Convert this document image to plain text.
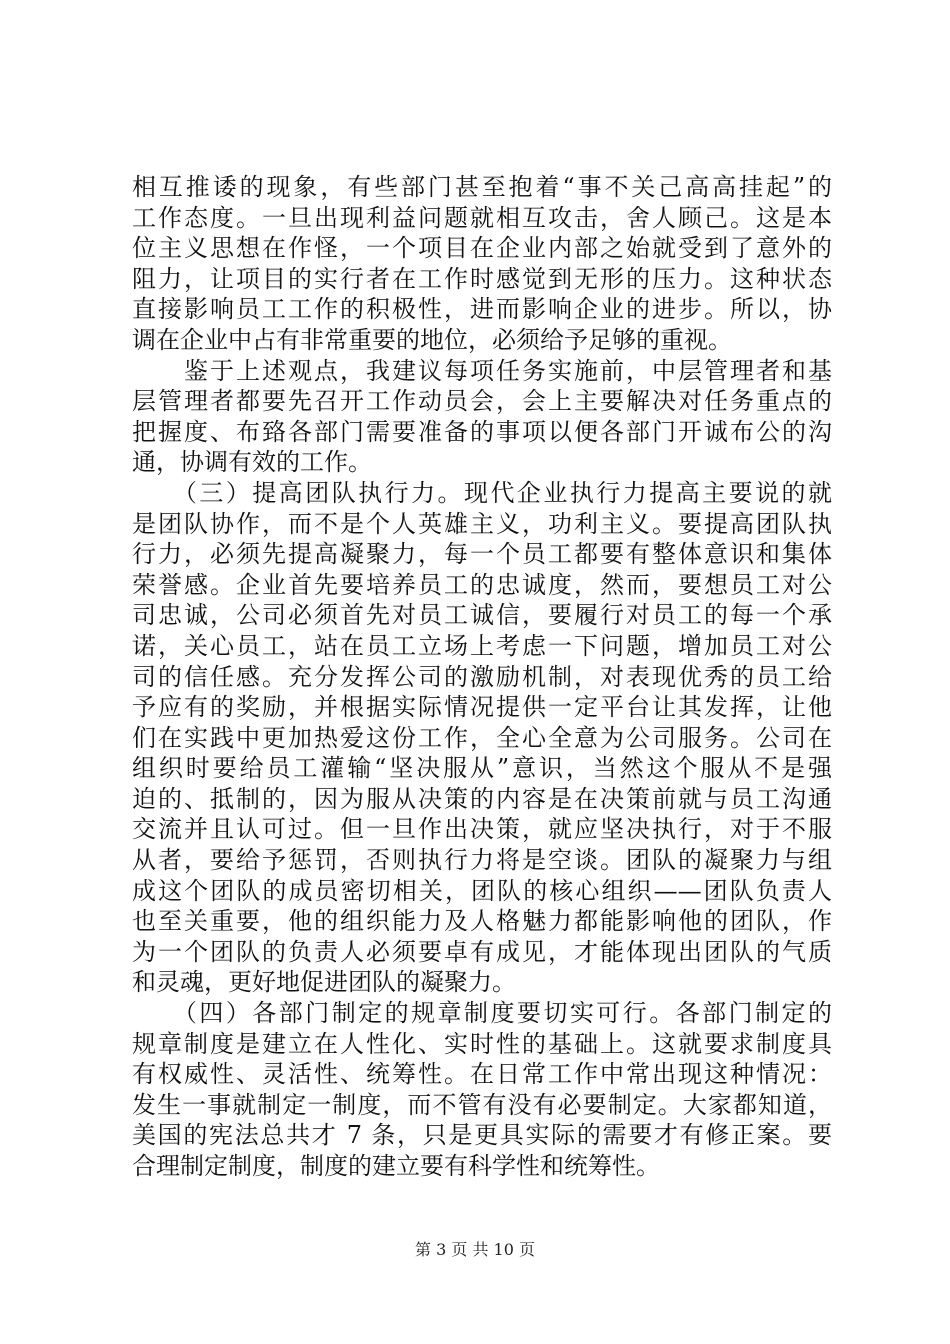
相互推诿的现象，有些部门甚至抱着“事不关己高高挂起”的
工作态度。一旦出现利益问题就相互攻击，舍人顾己。这是本
位主义思想在作怪，一个项目在企业内部之始就受到了意外的
阻力，让项目的实行者在工作时感觉到无形的压力。这种状态
直接影响员工工作的积极性，进而影响企业的进步。所以，协
调在企业中占有非常重要的地位，必须给予足够的重视。
　　鉴于上述观点，我建议每项任务实施前，中层管理者和基
层管理者都要先召开工作动员会，会上主要解决对任务重点的
把握度、布臵各部门需要准备的事项以便各部门开诚布公的沟
通，协调有效的工作。
　　（三）提高团队执行力。现代企业执行力提高主要说的就
是团队协作，而不是个人英雄主义，功利主义。要提高团队执
行力，必须先提高凝聚力，每一个员工都要有整体意识和集体
荣誉感。企业首先要培养员工的忠诚度，然而，要想员工对公
司忠诚，公司必须首先对员工诚信，要履行对员工的每一个承
诺，关心员工，站在员工立场上考虑一下问题，增加员工对公
司的信任感。充分发挥公司的激励机制，对表现优秀的员工给
予应有的奖励，并根据实际情况提供一定平台让其发挥，让他
们在实践中更加热爱这份工作，全心全意为公司服务。公司在
组织时要给员工灌输“坚决服从”意识，当然这个服从不是强
迫的、抵制的，因为服从决策的内容是在决策前就与员工沟通
交流并且认可过。但一旦作出决策，就应坚决执行，对于不服
从者，要给予惩罚，否则执行力将是空谈。团队的凝聚力与组
成这个团队的成员密切相关，团队的核心组织——团队负责人
也至关重要，他的组织能力及人格魅力都能影响他的团队，作
为一个团队的负责人必须要卓有成见，才能体现出团队的气质
和灵魂，更好地促进团队的凝聚力。
　　（四）各部门制定的规章制度要切实可行。各部门制定的
规章制度是建立在人性化、实时性的基础上。这就要求制度具
有权威性、灵活性、统筹性。在日常工作中常出现这种情况：
发生一事就制定一制度，而不管有没有必要制定。大家都知道，
美国的宪法总共才 7 条，只是更具实际的需要才有修正案。要
合理制定制度，制度的建立要有科学性和统筹性。
第 3 页 共 10 页
